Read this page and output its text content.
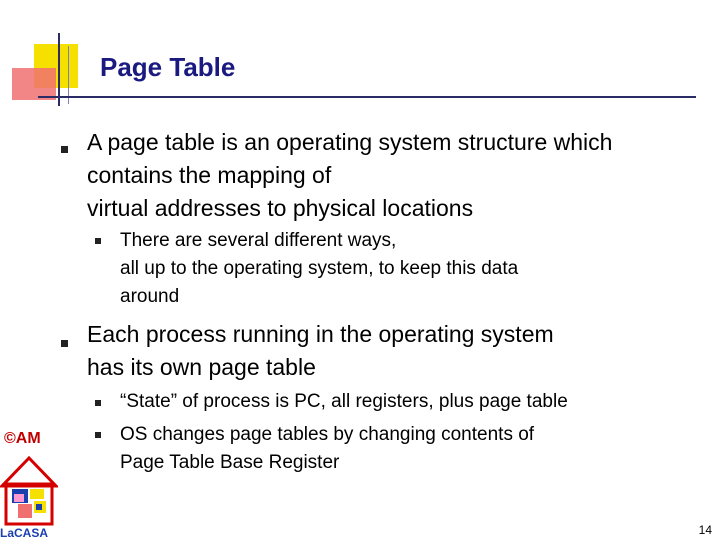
Page Table
A page table is an operating system structure which
contains the mapping of
virtual addresses to physical locations
There are several different ways,
all up to the operating system, to keep this data
around
Each process running in the operating system
has its own page table
“State” of process is PC, all registers, plus page table
OS changes page tables by changing contents of
Page Table Base Register
©AM
LaCASA	14
